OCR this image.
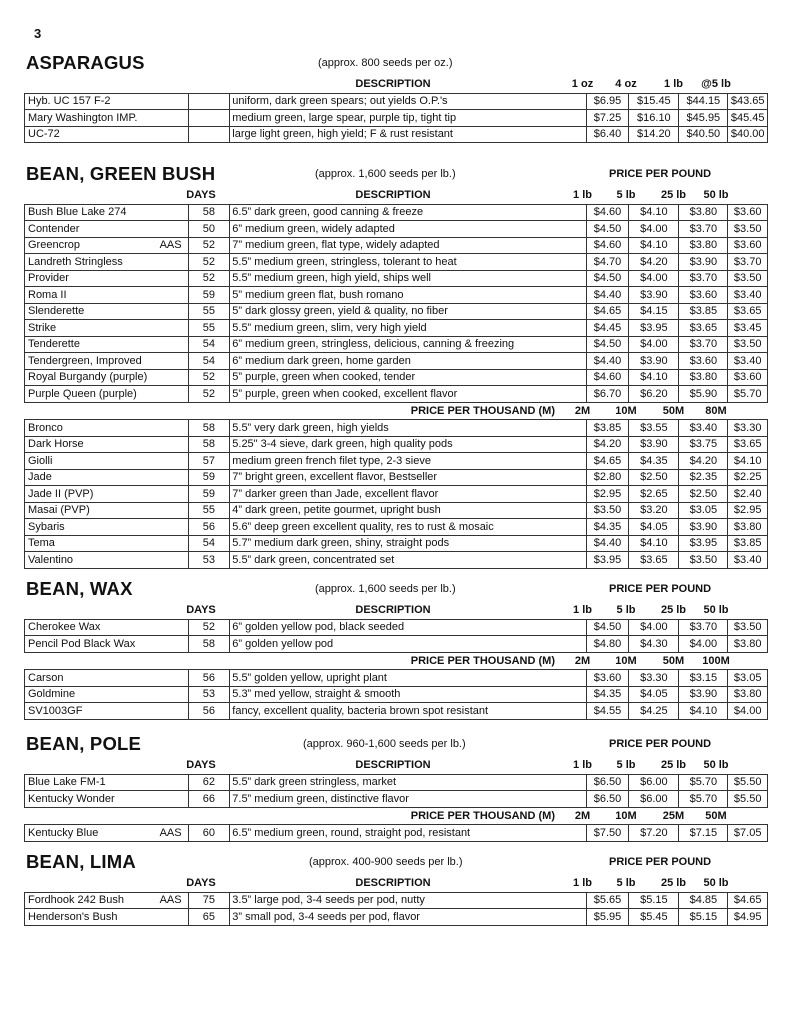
3
ASPARAGUS	(approx. 800 seeds per oz.)
DESCRIPTION	1 oz	4 oz	1 lb	@5 lb
Hyb. UC 157 F-2		uniform, dark green spears; out yields O.P.'s	$6.95	$15.45	$44.15	$43.65
Mary Washington IMP.		medium green, large spear, purple tip, tight tip	$7.25	$16.10	$45.95	$45.45
UC-72		large light green, high yield; F & rust resistant	$6.40	$14.20	$40.50	$40.00
BEAN, GREEN BUSH	(approx. 1,600 seeds per lb.)	PRICE PER POUND
DAYS	DESCRIPTION	1 lb	5 lb	25 lb	50 lb
Bush Blue Lake 274	58	6.5” dark green, good canning & freeze	$4.60	$4.10	$3.80	$3.60
Contender	50	6” medium green, widely adapted	$4.50	$4.00	$3.70	$3.50
Greencrop AAS	52	7” medium green, flat type, widely adapted	$4.60	$4.10	$3.80	$3.60
Landreth Stringless	52	5.5” medium green, stringless, tolerant to heat	$4.70	$4.20	$3.90	$3.70
Provider	52	5.5” medium green, high yield, ships well	$4.50	$4.00	$3.70	$3.50
Roma II	59	5” medium green flat, bush romano	$4.40	$3.90	$3.60	$3.40
Slenderette	55	5” dark glossy green, yield & quality, no fiber	$4.65	$4.15	$3.85	$3.65
Strike	55	5.5” medium green, slim, very high yield	$4.45	$3.95	$3.65	$3.45
Tenderette	54	6” medium green, stringless, delicious, canning & freezing	$4.50	$4.00	$3.70	$3.50
Tendergreen, Improved	54	6” medium dark green, home garden	$4.40	$3.90	$3.60	$3.40
Royal Burgandy (purple)	52	5” purple, green when cooked, tender	$4.60	$4.10	$3.80	$3.60
Purple Queen (purple)	52	5” purple, green when cooked, excellent flavor	$6.70	$6.20	$5.90	$5.70
PRICE PER THOUSAND (M)	2M	10M	50M	80M
Bronco	58	5.5” very dark green, high yields	$3.85	$3.55	$3.40	$3.30
Dark Horse	58	5.25" 3-4 sieve, dark green, high quality pods	$4.20	$3.90	$3.75	$3.65
Giolli	57	medium green french filet type, 2-3 sieve	$4.65	$4.35	$4.20	$4.10
Jade	59	7” bright green, excellent flavor, Bestseller	$2.80	$2.50	$2.35	$2.25
Jade II (PVP)	59	7” darker green than Jade, excellent flavor	$2.95	$2.65	$2.50	$2.40
Masai (PVP)	55	4” dark green, petite gourmet, upright bush	$3.50	$3.20	$3.05	$2.95
Sybaris	56	5.6” deep green excellent quality, res to rust & mosaic	$4.35	$4.05	$3.90	$3.80
Tema	54	5.7” medium dark green, shiny, straight pods	$4.40	$4.10	$3.95	$3.85
Valentino	53	5.5” dark green, concentrated set	$3.95	$3.65	$3.50	$3.40
BEAN, WAX	(approx. 1,600 seeds per lb.)	PRICE PER POUND
DAYS	DESCRIPTION	1 lb	5 lb	25 lb	50 lb
Cherokee Wax	52	6” golden yellow pod, black seeded	$4.50	$4.00	$3.70	$3.50
Pencil Pod Black Wax	58	6” golden yellow pod	$4.80	$4.30	$4.00	$3.80
PRICE PER THOUSAND (M)	2M	10M	50M	100M
Carson	56	5.5” golden yellow, upright plant	$3.60	$3.30	$3.15	$3.05
Goldmine	53	5.3” med yellow, straight & smooth	$4.35	$4.05	$3.90	$3.80
SV1003GF	56	fancy, excellent quality, bacteria brown spot resistant	$4.55	$4.25	$4.10	$4.00
BEAN, POLE	(approx. 960-1,600 seeds per lb.)	PRICE PER POUND
DAYS	DESCRIPTION	1 lb	5 lb	25 lb	50 lb
Blue Lake FM-1	62	5.5” dark green stringless, market	$6.50	$6.00	$5.70	$5.50
Kentucky Wonder	66	7.5” medium green, distinctive flavor	$6.50	$6.00	$5.70	$5.50
PRICE PER THOUSAND (M)	2M	10M	25M	50M
Kentucky Blue	AAS	60	6.5” medium green, round, straight pod, resistant	$7.50	$7.20	$7.15	$7.05
BEAN, LIMA	(approx. 400-900 seeds per lb.)	PRICE PER POUND
DAYS	DESCRIPTION	1 lb	5 lb	25 lb	50 lb
Fordhook 242 Bush AAS	75	3.5” large pod, 3-4 seeds per pod, nutty	$5.65	$5.15	$4.85	$4.65
Henderson's Bush	65	3” small pod, 3-4 seeds per pod, flavor	$5.95	$5.45	$5.15	$4.95
